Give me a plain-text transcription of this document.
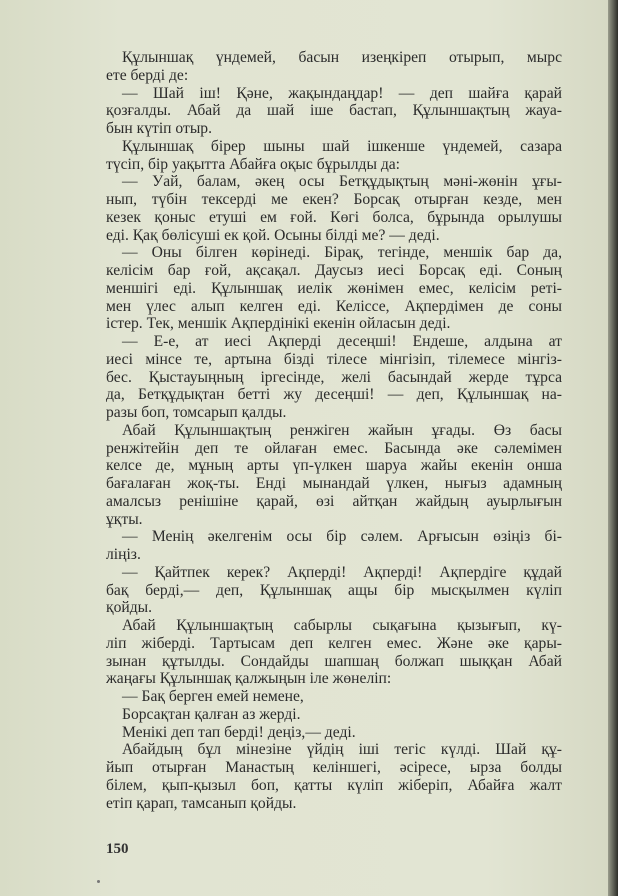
Құлыншақ үндемей, басын изеңкіреп отырып, мырс
ете берді де:
— Шай іш! Қәне, жақындаңдар! — деп шайға қарай
қозғалды. Абай да шай іше бастап, Құлыншақтың жауа-
бын күтіп отыр.
Құлыншақ бірер шыны шай ішкенше үндемей, сазара
түсіп, бір уақытта Абайға оқыс бұрылды да:
— Уай, балам, әкең осы Бетқұдықтың мәні-жөнін ұғы-
нып, түбін тексерді ме екен? Борсақ отырған кезде, мен
кезек қоныс етуші ем ғой. Көгі болса, бұрында орылушы
еді. Қақ бөлісуші ек қой. Осыны білді ме? — деді.
— Оны білген көрінеді. Бірақ, тегінде, меншік бар да,
келісім бар ғой, ақсақал. Даусыз иесі Борсақ еді. Соның
меншігі еді. Құлыншақ иелік жөнімен емес, келісім реті-
мен үлес алып келген еді. Келіссе, Ақпердімен де соны
істер. Тек, меншік Ақпердінікі екенін ойласын деді.
— Е-е, ат иесі Ақперді десеңші! Ендеше, алдына ат
иесі мінсе те, артына бізді тілесе мінгізіп, тілемесе мінгіз-
бес. Қыстауыңның іргесінде, желі басындай жерде тұрса
да, Бетқұдықтан бетті жу десеңші! — деп, Құлыншақ на-
разы боп, томсарып қалды.
Абай Құлыншақтың ренжіген жайын ұғады. Өз басы
ренжітейін деп те ойлаған емес. Басында әке сәлемімен
келсе де, мұның арты үп-үлкен шаруа жайы екенін онша
бағалаған жоқ-ты. Енді мынандай үлкен, нығыз адамның
амалсыз ренішіне қарай, өзі айтқан жайдың ауырлығын
ұқты.
— Менің әкелгенім осы бір сәлем. Арғысын өзіңіз бі-
ліңіз.
— Қайтпек керек? Ақперді! Ақперді! Ақпердіге құдай
бақ берді,— деп, Құлыншақ ащы бір мысқылмен күліп
қойды.
Абай Құлыншақтың сабырлы сықағына қызығып, кү-
ліп жіберді. Тартысам деп келген емес. Және әке қары-
зынан құтылды. Сондайды шапшаң болжап шыққан Абай
жаңағы Құлыншақ қалжыңын іле жөнеліп:
— Бақ берген емей немене,
Борсақтан қалған аз жерді.
Менікі деп тап берді! деңіз,— деді.
Абайдың бұл мінезіне үйдің іші тегіс күлді. Шай құ-
йып отырған Манастың келіншегі, әсіресе, ырза болды
білем, қып-қызыл боп, қатты күліп жіберіп, Абайға жалт
етіп қарап, тамсанып қойды.
150
